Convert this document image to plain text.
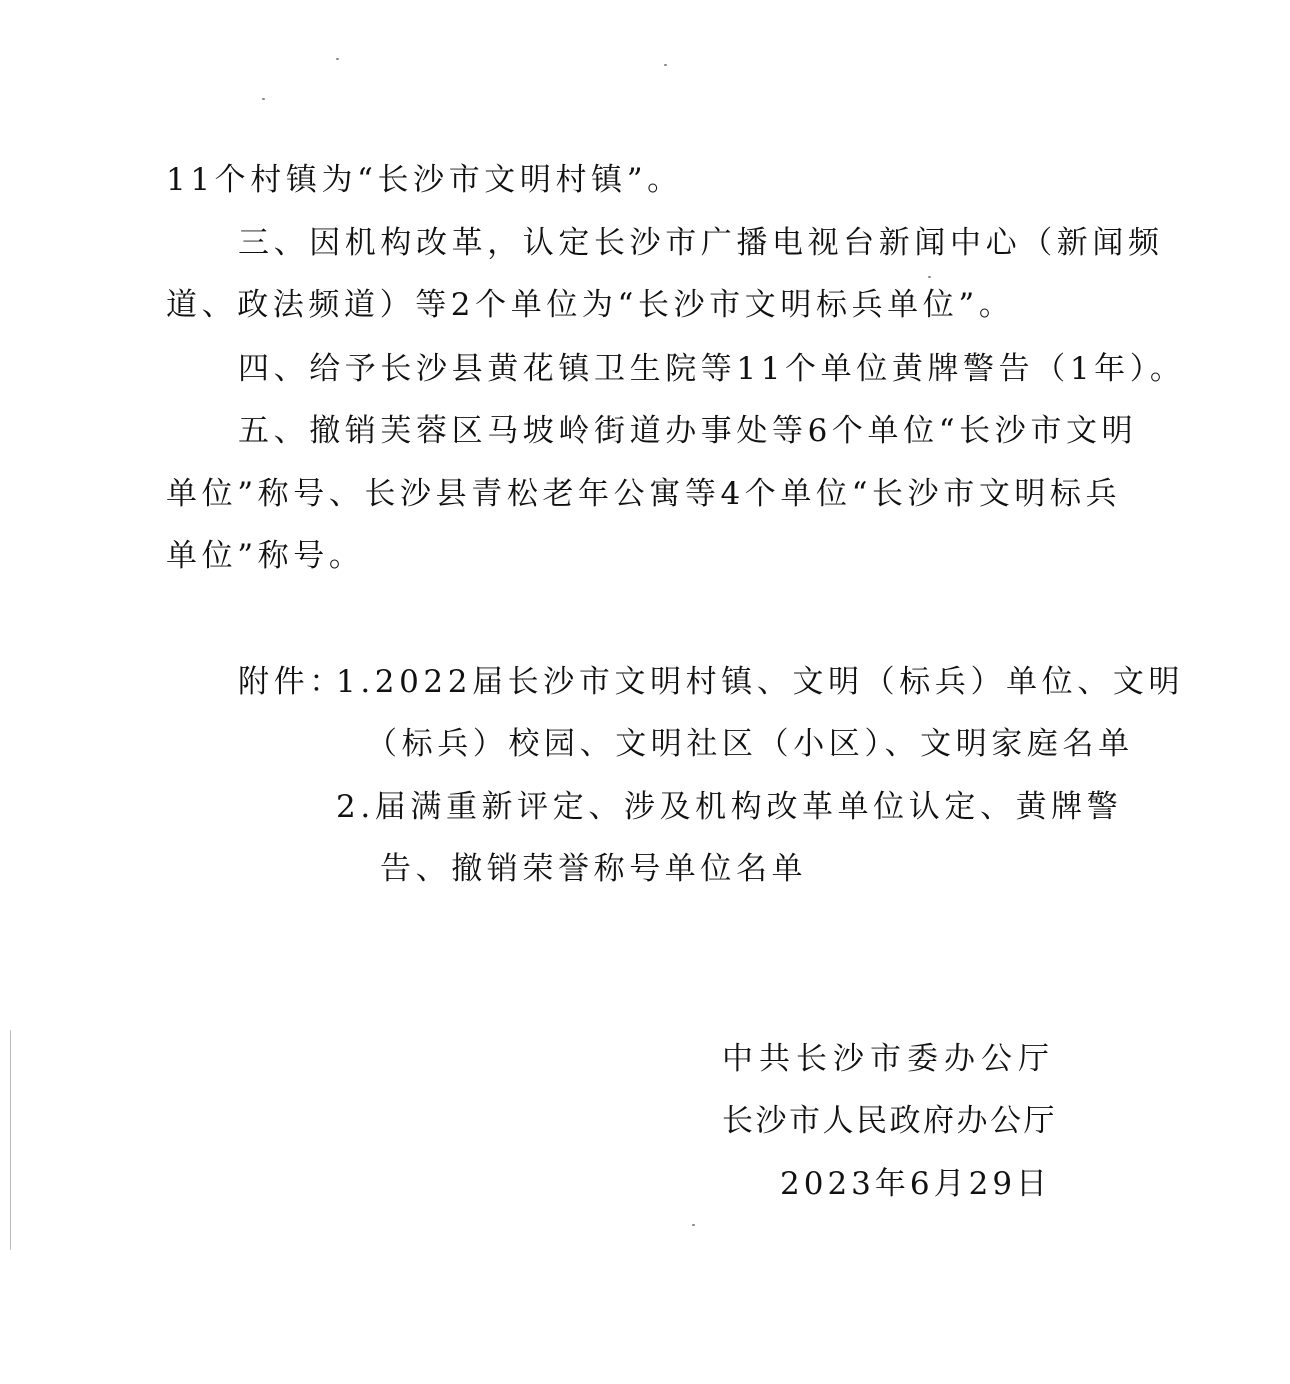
11个村镇为“长沙市文明村镇”。
三、因机构改革，认定长沙市广播电视台新闻中心（新闻频
道、政法频道）等2个单位为“长沙市文明标兵单位”。
四、给予长沙县黄花镇卫生院等11个单位黄牌警告（1年）。
五、撤销芙蓉区马坡岭街道办事处等6个单位“长沙市文明
单位”称号、长沙县青松老年公寓等4个单位“长沙市文明标兵
单位”称号。
附件：
1.2022届长沙市文明村镇、文明（标兵）单位、文明
（标兵）校园、文明社区（小区）、文明家庭名单
2.届满重新评定、涉及机构改革单位认定、黄牌警
告、撤销荣誉称号单位名单
中共长沙市委办公厅
长沙市人民政府办公厅
2023年6月29日
